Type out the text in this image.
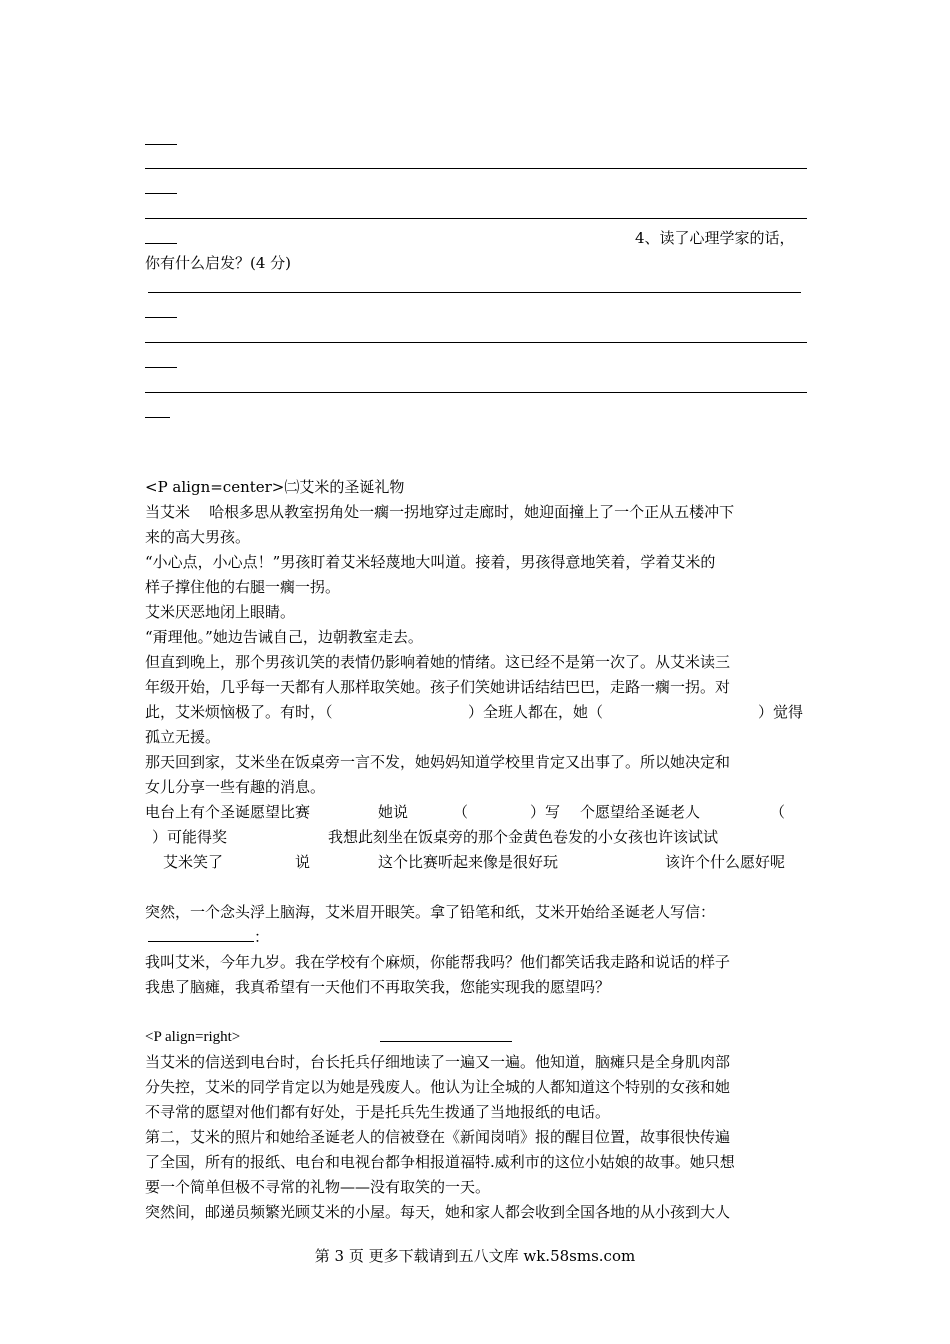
4、读了心理学家的话，
你有什么启发？(4 分)
<P align=center>㈡艾米的圣诞礼物
当艾米    哈根多思从教室拐角处一瘸一拐地穿过走廊时，她迎面撞上了一个正从五楼冲下
来的高大男孩。
“小心点，小心点！”男孩盯着艾米轻蔑地大叫道。接着，男孩得意地笑着，学着艾米的
样子撑住他的右腿一瘸一拐。
艾米厌恶地闭上眼睛。
“甭理他。”她边告诫自己，边朝教室走去。
但直到晚上，那个男孩讥笑的表情仍影响着她的情绪。这已经不是第一次了。从艾米读三
年级开始，几乎每一天都有人那样取笑她。孩子们笑她讲话结结巴巴，走路一瘸一拐。对
此，艾米烦恼极了。有时，（	）全班人都在，她（	）觉得
孤立无援。
那天回到家，艾米坐在饭桌旁一言不发，她妈妈知道学校里肯定又出事了。所以她决定和
女儿分享一些有趣的消息。
电台上有个圣诞愿望比赛	她说	（	）写 个愿望给圣诞老人	（
）可能得奖	我想此刻坐在饭桌旁的那个金黄色卷发的小女孩也许该试试
艾米笑了	说	这个比赛听起来像是很好玩	该许个什么愿好呢
突然，一个念头浮上脑海，艾米眉开眼笑。拿了铅笔和纸，艾米开始给圣诞老人写信：
：
我叫艾米，今年九岁。我在学校有个麻烦，你能帮我吗？他们都笑话我走路和说话的样子
我患了脑瘫，我真希望有一天他们不再取笑我，您能实现我的愿望吗？
<P align=right>
当艾米的信送到电台时，台长托兵仔细地读了一遍又一遍。他知道，脑瘫只是全身肌肉部
分失控，艾米的同学肯定以为她是残废人。他认为让全城的人都知道这个特别的女孩和她
不寻常的愿望对他们都有好处，于是托兵先生拨通了当地报纸的电话。
第二，艾米的照片和她给圣诞老人的信被登在《新闻岗哨》报的醒目位置，故事很快传遍
了全国，所有的报纸、电台和电视台都争相报道福特.威利市的这位小姑娘的故事。她只想
要一个简单但极不寻常的礼物——没有取笑的一天。
突然间，邮递员频繁光顾艾米的小屋。每天，她和家人都会收到全国各地的从小孩到大人
第 3 页 更多下载请到五八文库 wk.58sms.com
